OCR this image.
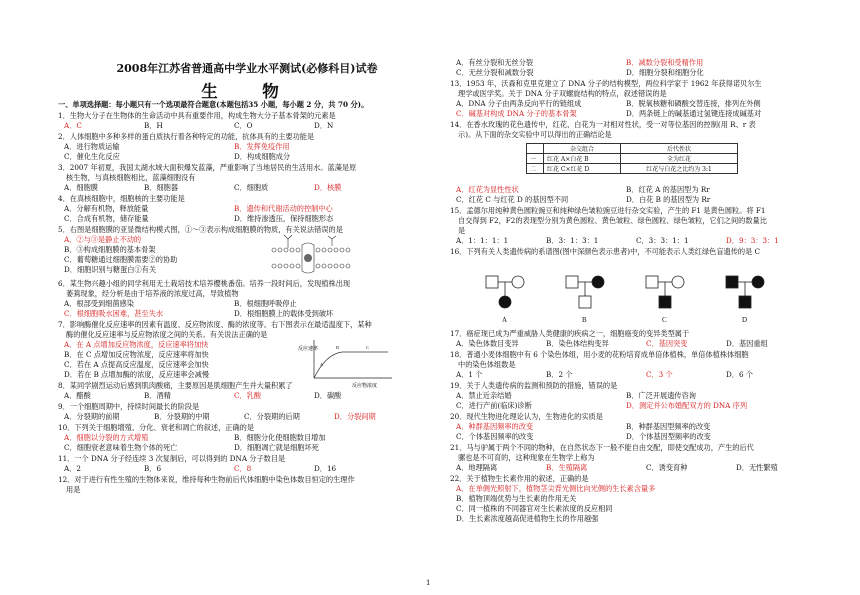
2008年江苏省普通高中学业水平测试(必修科目)试卷
生　物
一、单项选择题：每小题只有一个选项最符合题意(本题包括35 小题，每小题 2 分，共 70 分)。
1．生物大分子在生物体的生命活动中具有重要作用，构成生物大分子基本骨架的元素是
A．C	B．H	C．O	D．N
2．人体细胞中多种多样的蛋白质执行着各种特定的功能，抗体具有的主要功能是
A．进行物质运输	B．发挥免疫作用
C．催化生化反应	D．构成细胞成分
3．2007 年初夏，我国太湖水域大面积爆发蓝藻，严重影响了当地居民的生活用水。蓝藻是原
核生物，与真核细胞相比，蓝藻细胞没有
A．细胞膜	B．细胞器	C．细胞质	D．核膜
4．在真核细胞中，细胞核的主要功能是
A．分解有机物，释放能量	B．遗传和代谢活动的控制中心
C．合成有机物，储存能量	D．维持渗透压，保持细胞形态
5．右图是细胞膜的亚显微结构模式图，①～③表示构成细胞膜的物质，有关说法错误的是
A．②与③是静止不动的
B．③构成细胞膜的基本骨架
C．葡萄糖通过细胞膜需要②的协助
D．细胞识别与糖蛋白①有关
6．某生物兴趣小组的同学利用无土栽培技术培养樱桃番茄。培养一段时间后，发现植株出现
萎蔫现象，经分析是由于培养液的浓度过高，导致植物
A．根部受到细菌感染	B．根细胞呼吸停止
C．根细胞吸水困难，甚至失水	D．根细胞膜上的载体受到破坏
7．影响酶催化反应速率的因素有温度、反应物浓度、酶的浓度等。右下图表示在最适温度下，某种
酶的催化反应速率与反应物浓度之间的关系。有关说法正确的是
A．在 A 点增加反应物浓度，反应速率将加快
B．在 C 点增加反应物浓度，反应速率将加快
C．若在 A 点提高反应温度，反应速率会加快
D．若在 B 点增加酶的浓度，反应速率会减慢
B
A
C
反应速率
反应物浓度
8．某同学剧烈运动后感到肌肉酸痛，主要原因是肌细胞产生并大量积累了
A．醋酸	B．酒精	C．乳酸	D．碳酸
9．一个细胞周期中，持续时间最长的阶段是
A．分裂期的前期	B．分裂期的中期	C．分裂期的后期	D．分裂间期
10．下列关于细胞增殖、分化、衰老和凋亡的叙述，正确的是
A．细胞以分裂的方式增殖	B．细胞分化使细胞数目增加
C．细胞衰老意味着生物个体的死亡	D．细胞凋亡就是细胞坏死
11．一个 DNA 分子经连续 3 次复制后，可以得到的 DNA 分子数目是
A．2	B．6	C．8	D．16
12．对于进行有性生殖的生物体来说，维持每种生物前后代体细胞中染色体数目恒定的生理作
用是
A．有丝分裂和无丝分裂	B．减数分裂和受精作用
C．无丝分裂和减数分裂	D．细胞分裂和细胞分化
13．1953 年，沃森和克里克建立了 DNA 分子的结构模型，两位科学家于 1962 年获得诺贝尔生
理学或医学奖。关于 DNA 分子双螺旋结构的特点，叙述错误的是
A．DNA 分子由两条反向平行的链组成	B．脱氧核糖和磷酸交替连接，排列在外侧
C．碱基对构成 DNA 分子的基本骨架	D．两条链上的碱基通过氢键连接成碱基对
14．在香水玫瑰的花色遗传中，红花、白花为一对相对性状，受一对等位基因的控制(用 R、r 表
示)。从下面的杂交实验中可以得出的正确结论是
	杂交组合	后代性状
一	红花 A×白花 B	全为红花
二	红花 C×红花 D	红花与白花之比约为 3:1
A．红花为显性性状	B．红花 A 的基因型为 Rr
C．红花 C 与红花 D 的基因型不同	D．白花 B 的基因型为 Rr
15．孟德尔用纯种黄色圆粒豌豆和纯种绿色皱粒豌豆进行杂交实验，产生的 F1 是黄色圆粒。将 F1
自交得到 F2，F2的表现型分别为黄色圆粒、黄色皱粒、绿色圆粒、绿色皱粒，它们之间的数量比
是
A．1：1：1：1	B．3：1：3：1	C．3：3：1：1	D．9：3：3：1
16．下列有关人类遗传病的系谱图(图中深颜色表示患者)中，不可能表示人类红绿色盲遗传的是 C
A	B	C	D
17．癌症现已成为严重威胁人类健康的疾病之一，细胞癌变的变异类型属于
A．染色体数目变异	B．染色体结构变异	C．基因突变	D．基因重组
18．普通小麦体细胞中有 6 个染色体组，用小麦的花粉培育成单倍体植株，单倍体植株体细胞
中的染色体组数是
A．1 个	B．2 个	C．3 个	D．6 个
19．关于人类遗传病的监测和预防的措施，错误的是
A．禁止近亲结婚	B．广泛开展遗传咨询
C．进行产前(临床)诊断	D．测定并公布婚配双方的 DNA 序列
20．现代生物进化理论认为，生物进化的实质是
A．种群基因频率的改变	B．种群基因型频率的改变
C．个体基因频率的改变	D．个体基因型频率的改变
21．马与驴属于两个不同的物种，在自然状态下一般不能自由交配，即使交配成功，产生的后代
骡也是不可育的，这种现象在生物学上称为
A．地理隔离	B．生殖隔离	C．诱变育种	D．无性繁殖
22．关于植物生长素作用的叙述，正确的是
A．在单侧光照射下，植物茎尖背光侧比向光侧的生长素含量多
B．植物顶端优势与生长素的作用无关
C．同一植株的不同器官对生长素浓度的反应相同
D．生长素浓度越高促进植物生长的作用越强
1
